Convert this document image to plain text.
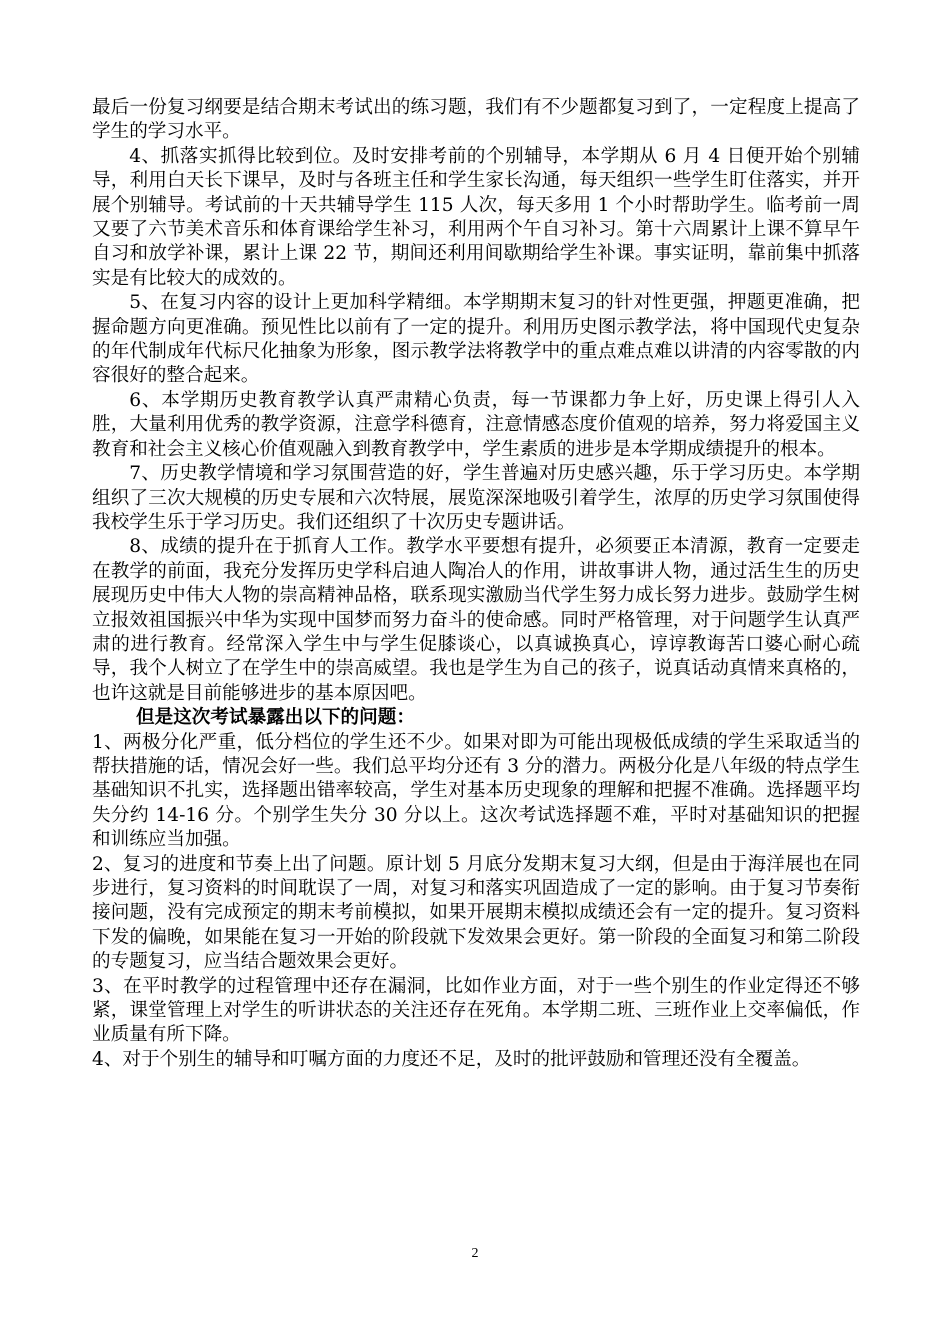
最后一份复习纲要是结合期末考试出的练习题，我们有不少题都复习到了，一定程度上提高了学生的学习水平。

4、抓落实抓得比较到位。及时安排考前的个别辅导，本学期从 6 月 4 日便开始个别辅导，利用白天长下课早，及时与各班主任和学生家长沟通，每天组织一些学生盯住落实，并开展个别辅导。考试前的十天共辅导学生 115 人次，每天多用 1 个小时帮助学生。临考前一周又要了六节美术音乐和体育课给学生补习，利用两个午自习补习。第十六周累计上课不算早午自习和放学补课，累计上课 22 节，期间还利用间歇期给学生补课。事实证明，靠前集中抓落实是有比较大的成效的。

5、在复习内容的设计上更加科学精细。本学期期末复习的针对性更强，押题更准确，把握命题方向更准确。预见性比以前有了一定的提升。利用历史图示教学法，将中国现代史复杂的年代制成年代标尺化抽象为形象，图示教学法将教学中的重点难点难以讲清的内容零散的内容很好的整合起来。

6、本学期历史教育教学认真严肃精心负责，每一节课都力争上好，历史课上得引人入胜，大量利用优秀的教学资源，注意学科德育，注意情感态度价值观的培养，努力将爱国主义教育和社会主义核心价值观融入到教育教学中，学生素质的进步是本学期成绩提升的根本。

7、历史教学情境和学习氛围营造的好，学生普遍对历史感兴趣，乐于学习历史。本学期组织了三次大规模的历史专展和六次特展，展览深深地吸引着学生，浓厚的历史学习氛围使得我校学生乐于学习历史。我们还组织了十次历史专题讲话。

8、成绩的提升在于抓育人工作。教学水平要想有提升，必须要正本清源，教育一定要走在教学的前面，我充分发挥历史学科启迪人陶冶人的作用，讲故事讲人物，通过活生生的历史展现历史中伟大人物的崇高精神品格，联系现实激励当代学生努力成长努力进步。鼓励学生树立报效祖国振兴中华为实现中国梦而努力奋斗的使命感。同时严格管理，对于问题学生认真严肃的进行教育。经常深入学生中与学生促膝谈心，以真诚换真心，谆谆教诲苦口婆心耐心疏导，我个人树立了在学生中的崇高威望。我也是学生为自己的孩子，说真话动真情来真格的，也许这就是目前能够进步的基本原因吧。

但是这次考试暴露出以下的问题：

1、两极分化严重，低分档位的学生还不少。如果对即为可能出现极低成绩的学生采取适当的帮扶措施的话，情况会好一些。我们总平均分还有 3 分的潜力。两极分化是八年级的特点学生基础知识不扎实，选择题出错率较高，学生对基本历史现象的理解和把握不准确。选择题平均失分约 14-16 分。个别学生失分 30 分以上。这次考试选择题不难，平时对基础知识的把握和训练应当加强。

2、复习的进度和节奏上出了问题。原计划 5 月底分发期末复习大纲，但是由于海洋展也在同步进行，复习资料的时间耽误了一周，对复习和落实巩固造成了一定的影响。由于复习节奏衔接问题，没有完成预定的期末考前模拟，如果开展期末模拟成绩还会有一定的提升。复习资料下发的偏晚，如果能在复习一开始的阶段就下发效果会更好。第一阶段的全面复习和第二阶段的专题复习，应当结合题效果会更好。

3、在平时教学的过程管理中还存在漏洞，比如作业方面，对于一些个别生的作业定得还不够紧，课堂管理上对学生的听讲状态的关注还存在死角。本学期二班、三班作业上交率偏低，作业质量有所下降。

4、对于个别生的辅导和叮嘱方面的力度还不足，及时的批评鼓励和管理还没有全覆盖。

2
